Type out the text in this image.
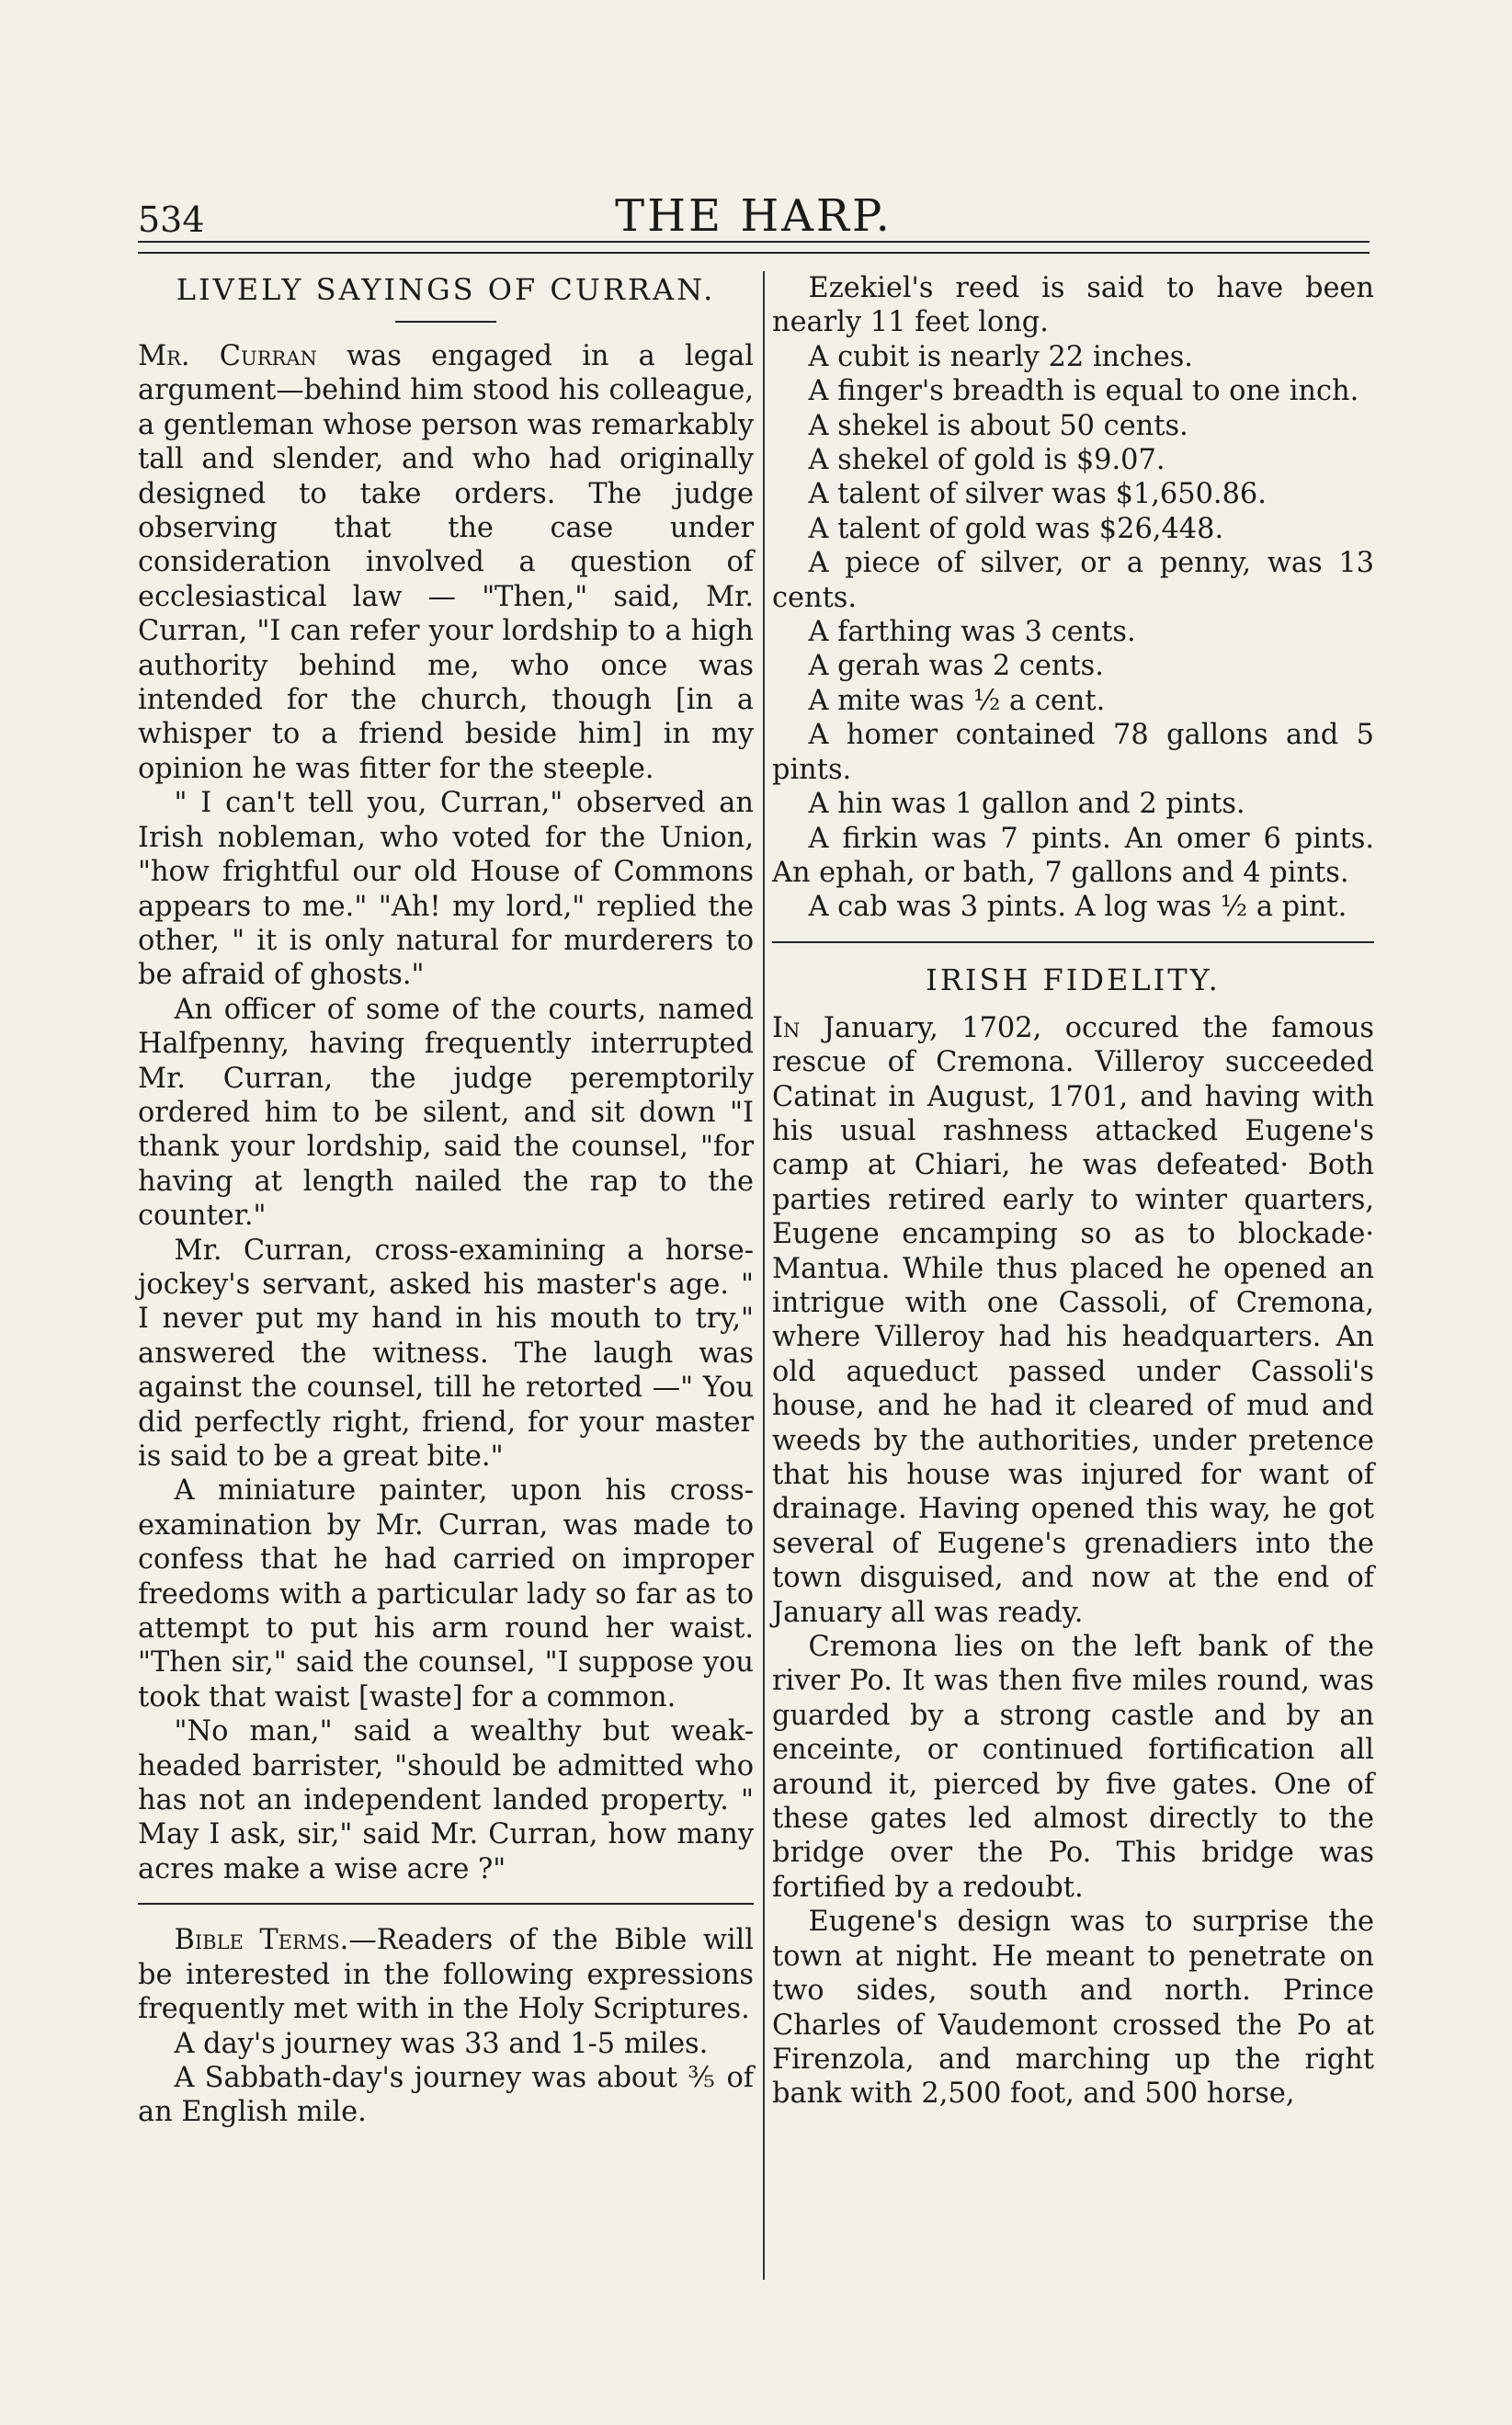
534	THE HARP.
LIVELY SAYINGS OF CURRAN.

Mr. Curran was engaged in a legal argument—behind him stood his colleague, a gentleman whose person was remarkably tall and slender, and who had originally designed to take orders. The judge observing that the case under consideration involved a question of ecclesiastical law — "Then," said, Mr. Curran, "I can refer your lordship to a high authority behind me, who once was intended for the church, though [in a whisper to a friend beside him] in my opinion he was fitter for the steeple.

" I can't tell you, Curran," observed an Irish nobleman, who voted for the Union, "how frightful our old House of Commons appears to me." "Ah! my lord," replied the other, " it is only natural for murderers to be afraid of ghosts."

An officer of some of the courts, named Halfpenny, having frequently interrupted Mr. Curran, the judge peremptorily ordered him to be silent, and sit down "I thank your lordship, said the counsel, "for having at length nailed the rap to the counter."

Mr. Curran, cross-examining a horse-jockey's servant, asked his master's age. " I never put my hand in his mouth to try," answered the witness. The laugh was against the counsel, till he retorted —" You did perfectly right, friend, for your master is said to be a great bite."

A miniature painter, upon his cross-examination by Mr. Curran, was made to confess that he had carried on improper freedoms with a particular lady so far as to attempt to put his arm round her waist. "Then sir," said the counsel, "I suppose you took that waist [waste] for a common.

"No man," said a wealthy but weak-headed barrister, "should be admitted who has not an independent landed property. " May I ask, sir," said Mr. Curran, how many acres make a wise acre ?"

Bible Terms.—Readers of the Bible will be interested in the following expressions frequently met with in the Holy Scriptures.

A day's journey was 33 and 1-5 miles.

A Sabbath-day's journey was about ⅗ of an English mile.

Ezekiel's reed is said to have been nearly 11 feet long.

A cubit is nearly 22 inches.

A finger's breadth is equal to one inch.

A shekel is about 50 cents.

A shekel of gold is $9.07.

A talent of silver was $1,650.86.

A talent of gold was $26,448.

A piece of silver, or a penny, was 13 cents.

A farthing was 3 cents.

A gerah was 2 cents.

A mite was ½ a cent.

A homer contained 78 gallons and 5 pints.

A hin was 1 gallon and 2 pints.

A firkin was 7 pints. An omer 6 pints. An ephah, or bath, 7 gallons and 4 pints.

A cab was 3 pints. A log was ½ a pint.

IRISH FIDELITY.

In January, 1702, occured the famous rescue of Cremona. Villeroy succeeded Catinat in August, 1701, and having with his usual rashness attacked Eugene's camp at Chiari, he was defeated· Both parties retired early to winter quarters, Eugene encamping so as to blockade· Mantua. While thus placed he opened an intrigue with one Cassoli, of Cremona, where Villeroy had his headquarters. An old aqueduct passed under Cassoli's house, and he had it cleared of mud and weeds by the authorities, under pretence that his house was injured for want of drainage. Having opened this way, he got several of Eugene's grenadiers into the town disguised, and now at the end of January all was ready.

Cremona lies on the left bank of the river Po. It was then five miles round, was guarded by a strong castle and by an enceinte, or continued fortification all around it, pierced by five gates. One of these gates led almost directly to the bridge over the Po. This bridge was fortified by a redoubt.

Eugene's design was to surprise the town at night. He meant to penetrate on two sides, south and north. Prince Charles of Vaudemont crossed the Po at Firenzola, and marching up the right bank with 2,500 foot, and 500 horse,
